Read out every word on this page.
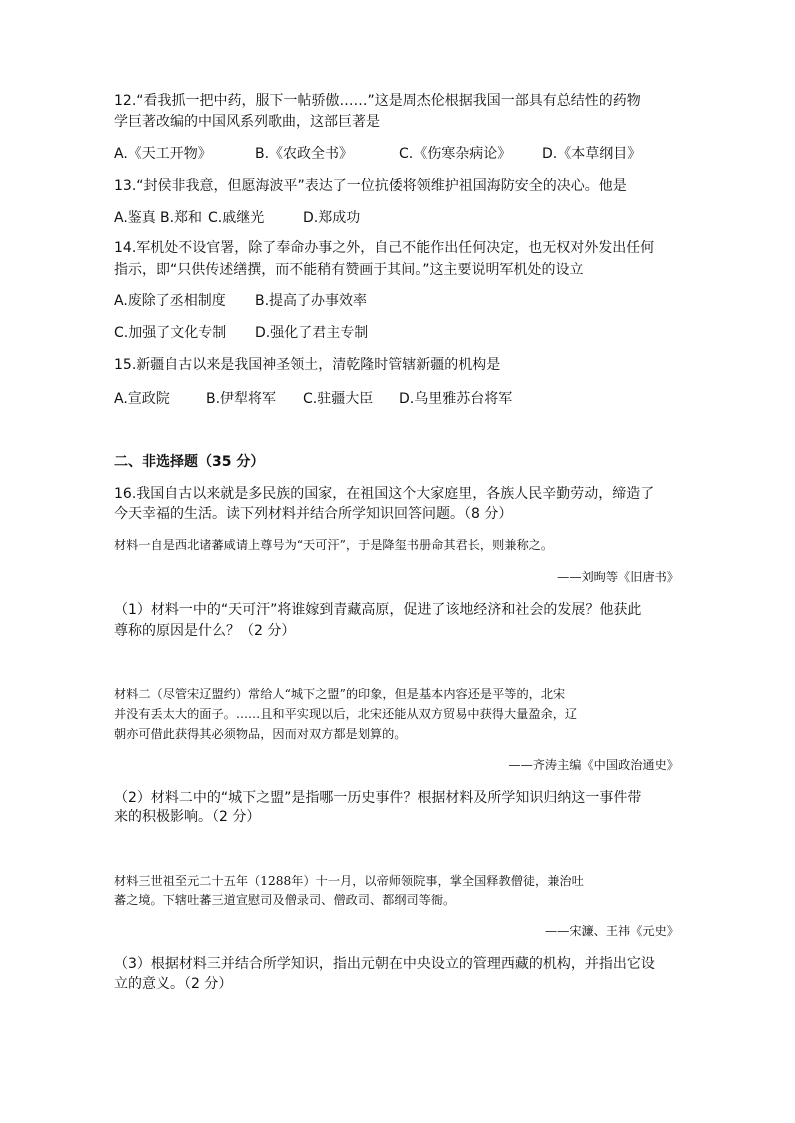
12.“看我抓一把中药，服下一帖骄傲……”这是周杰伦根据我国一部具有总结性的药物
学巨著改编的中国风系列歌曲，这部巨著是
A.《天工开物》	B.《农政全书》	C.《伤寒杂病论》 D.《本草纲目》
13.“封侯非我意，但愿海波平”表达了一位抗倭将领维护祖国海防安全的决心。他是
A.鉴真 B.郑和 C.戚继光	D.郑成功
14.军机处不设官署，除了奉命办事之外，自己不能作出任何决定，也无权对外发出任何
指示，即“只供传述缮撰，而不能稍有赞画于其间。”这主要说明军机处的设立
A.废除了丞相制度 B.提高了办事效率
C.加强了文化专制 D.强化了君主专制
15.新疆自古以来是我国神圣领土，清乾隆时管辖新疆的机构是
A.宣政院	B.伊犁将军 C.驻疆大臣 D.乌里雅苏台将军
二、非选择题（35 分）
16.我国自古以来就是多民族的国家，在祖国这个大家庭里，各族人民辛勤劳动，缔造了
今天幸福的生活。读下列材料并结合所学知识回答问题。（8 分）
材料一自是西北诸蕃咸请上尊号为“天可汗”，于是降玺书册命其君长，则兼称之。
——刘昫等《旧唐书》
（1）材料一中的“天可汗”将谁嫁到青藏高原，促进了该地经济和社会的发展？他获此
尊称的原因是什么？（2 分）
材料二（尽管宋辽盟约）常给人“城下之盟”的印象，但是基本内容还是平等的，北宋
并没有丢太大的面子。……且和平实现以后，北宋还能从双方贸易中获得大量盈余，辽
朝亦可借此获得其必须物品，因而对双方都是划算的。
——齐涛主编《中国政治通史》
（2）材料二中的“城下之盟”是指哪一历史事件？根据材料及所学知识归纳这一事件带
来的积极影响。（2 分）
材料三世祖至元二十五年（1288年）十一月，以帝师领院事，掌全国释教僧徒，兼治吐
蕃之境。下辖吐蕃三道宣慰司及僧录司、僧政司、都纲司等衙。
——宋濂、王祎《元史》
（3）根据材料三并结合所学知识，指出元朝在中央设立的管理西藏的机构，并指出它设
立的意义。（2 分）
